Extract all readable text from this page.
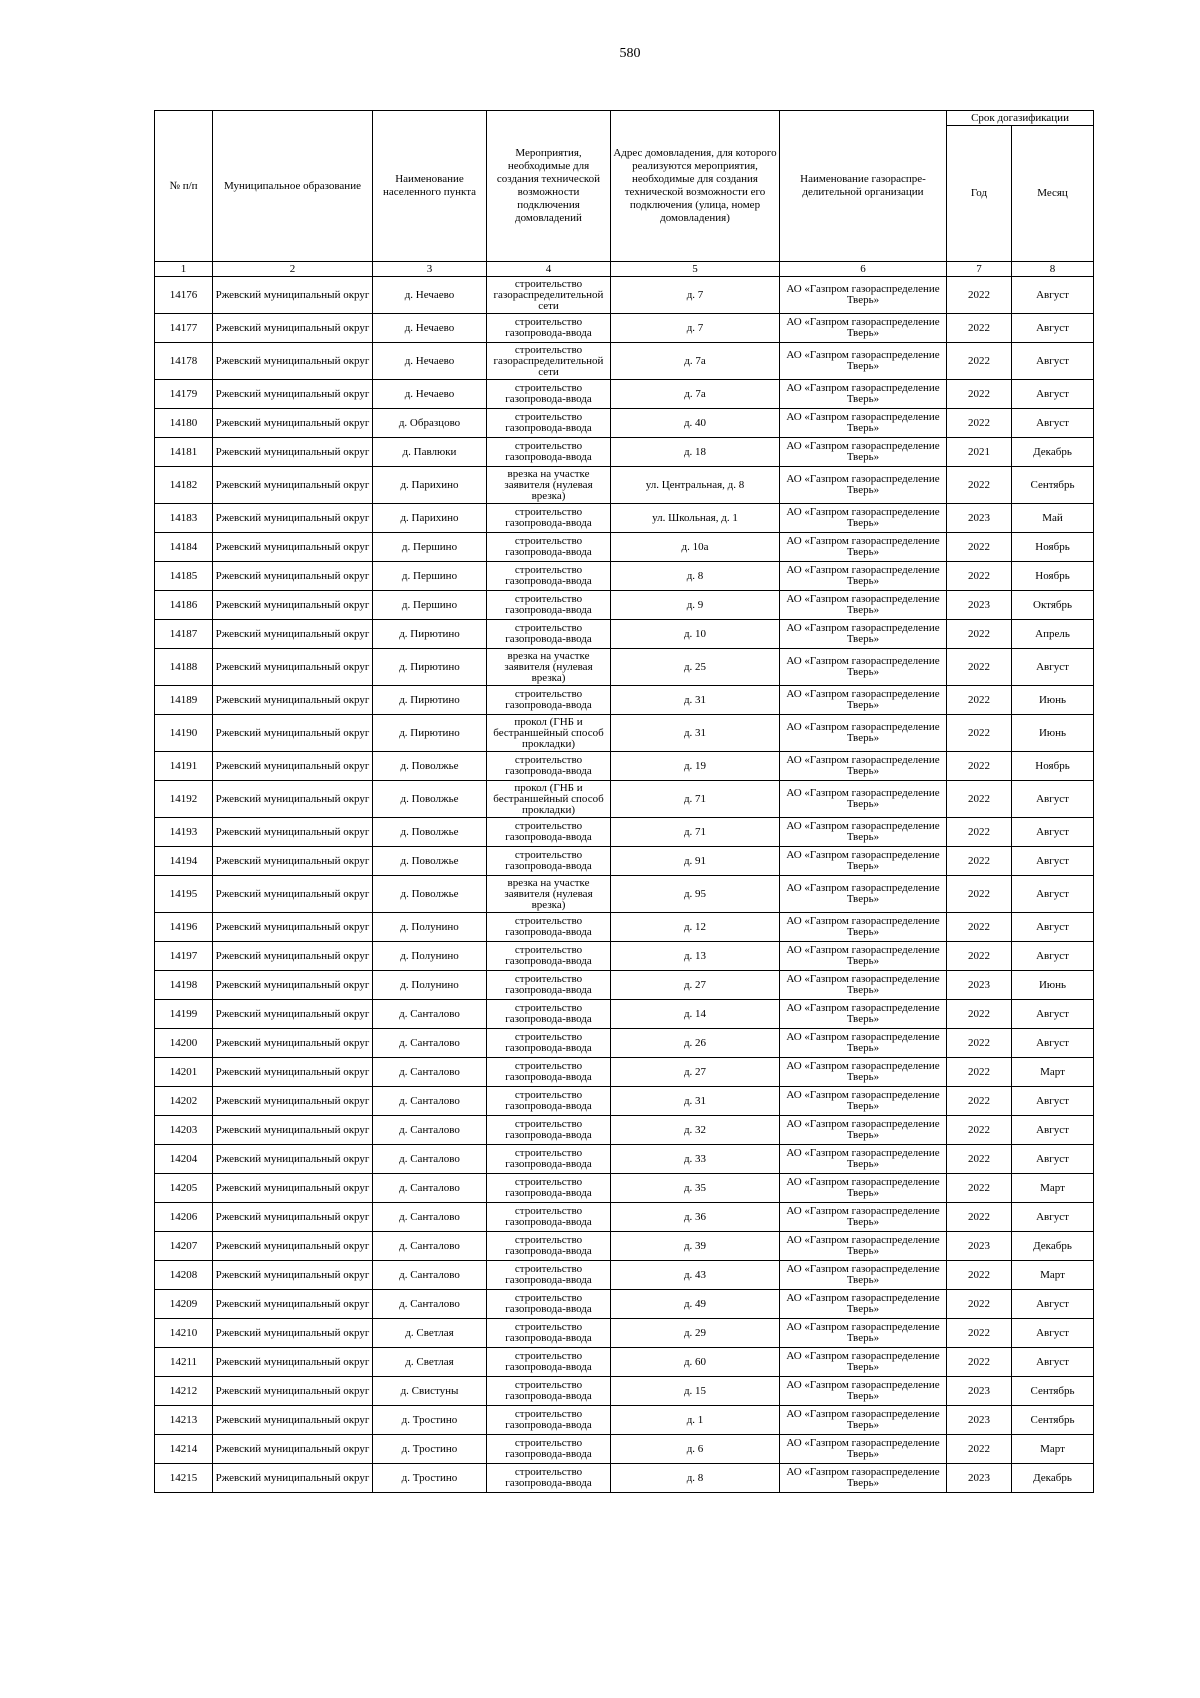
580
№ п/п	Муниципальное образование	Наименование населенного пункта	Мероприятия, необходимые для создания технической возможности подключения домовладений	Адрес домовладения, для которого реализуются мероприятия, необходимые для создания технической возможности его подключения (улица, номер домовладения)	Наименование газораспре-делительной организации	Срок догазификации	
						Год	Месяц
1	2	3	4	5	6	7	8
14176	Ржевский муниципальный округ	д. Нечаево	строительство газораспределительной сети	д. 7	АО «Газпром газораспределение Тверь»	2022	Август
14177	Ржевский муниципальный округ	д. Нечаево	строительство газопровода-ввода	д. 7	АО «Газпром газораспределение Тверь»	2022	Август
14178	Ржевский муниципальный округ	д. Нечаево	строительство газораспределительной сети	д. 7а	АО «Газпром газораспределение Тверь»	2022	Август
14179	Ржевский муниципальный округ	д. Нечаево	строительство газопровода-ввода	д. 7а	АО «Газпром газораспределение Тверь»	2022	Август
14180	Ржевский муниципальный округ	д. Образцово	строительство газопровода-ввода	д. 40	АО «Газпром газораспределение Тверь»	2022	Август
14181	Ржевский муниципальный округ	д. Павлюки	строительство газопровода-ввода	д. 18	АО «Газпром газораспределение Тверь»	2021	Декабрь
14182	Ржевский муниципальный округ	д. Парихино	врезка на участке заявителя (нулевая врезка)	ул. Центральная, д. 8	АО «Газпром газораспределение Тверь»	2022	Сентябрь
14183	Ржевский муниципальный округ	д. Парихино	строительство газопровода-ввода	ул. Школьная, д. 1	АО «Газпром газораспределение Тверь»	2023	Май
14184	Ржевский муниципальный округ	д. Першино	строительство газопровода-ввода	д. 10а	АО «Газпром газораспределение Тверь»	2022	Ноябрь
14185	Ржевский муниципальный округ	д. Першино	строительство газопровода-ввода	д. 8	АО «Газпром газораспределение Тверь»	2022	Ноябрь
14186	Ржевский муниципальный округ	д. Першино	строительство газопровода-ввода	д. 9	АО «Газпром газораспределение Тверь»	2023	Октябрь
14187	Ржевский муниципальный округ	д. Пирютино	строительство газопровода-ввода	д. 10	АО «Газпром газораспределение Тверь»	2022	Апрель
14188	Ржевский муниципальный округ	д. Пирютино	врезка на участке заявителя (нулевая врезка)	д. 25	АО «Газпром газораспределение Тверь»	2022	Август
14189	Ржевский муниципальный округ	д. Пирютино	строительство газопровода-ввода	д. 31	АО «Газпром газораспределение Тверь»	2022	Июнь
14190	Ржевский муниципальный округ	д. Пирютино	прокол (ГНБ и бестраншейный способ прокладки)	д. 31	АО «Газпром газораспределение Тверь»	2022	Июнь
14191	Ржевский муниципальный округ	д. Поволжье	строительство газопровода-ввода	д. 19	АО «Газпром газораспределение Тверь»	2022	Ноябрь
14192	Ржевский муниципальный округ	д. Поволжье	прокол (ГНБ и бестраншейный способ прокладки)	д. 71	АО «Газпром газораспределение Тверь»	2022	Август
14193	Ржевский муниципальный округ	д. Поволжье	строительство газопровода-ввода	д. 71	АО «Газпром газораспределение Тверь»	2022	Август
14194	Ржевский муниципальный округ	д. Поволжье	строительство газопровода-ввода	д. 91	АО «Газпром газораспределение Тверь»	2022	Август
14195	Ржевский муниципальный округ	д. Поволжье	врезка на участке заявителя (нулевая врезка)	д. 95	АО «Газпром газораспределение Тверь»	2022	Август
14196	Ржевский муниципальный округ	д. Полунино	строительство газопровода-ввода	д. 12	АО «Газпром газораспределение Тверь»	2022	Август
14197	Ржевский муниципальный округ	д. Полунино	строительство газопровода-ввода	д. 13	АО «Газпром газораспределение Тверь»	2022	Август
14198	Ржевский муниципальный округ	д. Полунино	строительство газопровода-ввода	д. 27	АО «Газпром газораспределение Тверь»	2023	Июнь
14199	Ржевский муниципальный округ	д. Санталово	строительство газопровода-ввода	д. 14	АО «Газпром газораспределение Тверь»	2022	Август
14200	Ржевский муниципальный округ	д. Санталово	строительство газопровода-ввода	д. 26	АО «Газпром газораспределение Тверь»	2022	Август
14201	Ржевский муниципальный округ	д. Санталово	строительство газопровода-ввода	д. 27	АО «Газпром газораспределение Тверь»	2022	Март
14202	Ржевский муниципальный округ	д. Санталово	строительство газопровода-ввода	д. 31	АО «Газпром газораспределение Тверь»	2022	Август
14203	Ржевский муниципальный округ	д. Санталово	строительство газопровода-ввода	д. 32	АО «Газпром газораспределение Тверь»	2022	Август
14204	Ржевский муниципальный округ	д. Санталово	строительство газопровода-ввода	д. 33	АО «Газпром газораспределение Тверь»	2022	Август
14205	Ржевский муниципальный округ	д. Санталово	строительство газопровода-ввода	д. 35	АО «Газпром газораспределение Тверь»	2022	Март
14206	Ржевский муниципальный округ	д. Санталово	строительство газопровода-ввода	д. 36	АО «Газпром газораспределение Тверь»	2022	Август
14207	Ржевский муниципальный округ	д. Санталово	строительство газопровода-ввода	д. 39	АО «Газпром газораспределение Тверь»	2023	Декабрь
14208	Ржевский муниципальный округ	д. Санталово	строительство газопровода-ввода	д. 43	АО «Газпром газораспределение Тверь»	2022	Март
14209	Ржевский муниципальный округ	д. Санталово	строительство газопровода-ввода	д. 49	АО «Газпром газораспределение Тверь»	2022	Август
14210	Ржевский муниципальный округ	д. Светлая	строительство газопровода-ввода	д. 29	АО «Газпром газораспределение Тверь»	2022	Август
14211	Ржевский муниципальный округ	д. Светлая	строительство газопровода-ввода	д. 60	АО «Газпром газораспределение Тверь»	2022	Август
14212	Ржевский муниципальный округ	д. Свистуны	строительство газопровода-ввода	д. 15	АО «Газпром газораспределение Тверь»	2023	Сентябрь
14213	Ржевский муниципальный округ	д. Тростино	строительство газопровода-ввода	д. 1	АО «Газпром газораспределение Тверь»	2023	Сентябрь
14214	Ржевский муниципальный округ	д. Тростино	строительство газопровода-ввода	д. 6	АО «Газпром газораспределение Тверь»	2022	Март
14215	Ржевский муниципальный округ	д. Тростино	строительство газопровода-ввода	д. 8	АО «Газпром газораспределение Тверь»	2023	Декабрь
